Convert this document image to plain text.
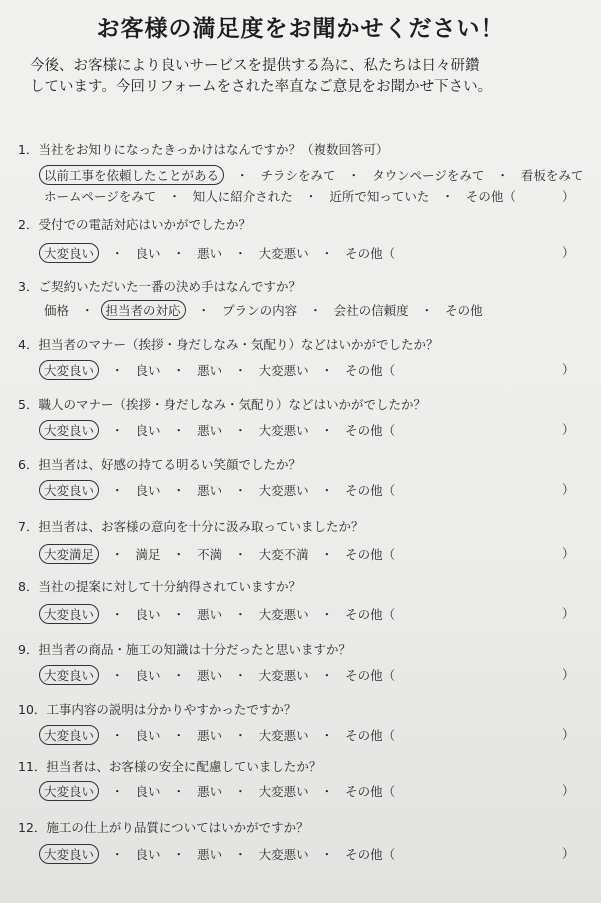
お客様の満足度をお聞かせください！
今後、お客様により良いサービスを提供する為に、私たちは日々研鑽
しています。今回リフォームをされた率直なご意見をお聞かせ下さい。
1．当社をお知りになったきっかけはなんですか？（複数回答可）
以前工事を依頼したことがある	・ チラシをみて ・ タウンページをみて ・ 看板をみて
ホームページをみて ・ 知人に紹介された ・ 近所で知っていた ・ その他（	）
2．受付での電話対応はいかがでしたか？
大変良い	・ 良い ・ 悪い ・ 大変悪い ・ その他（	）
3．ご契約いただいた一番の決め手はなんですか？
価格 ・ 担当者の対応	・ プランの内容 ・ 会社の信頼度 ・ その他
4．担当者のマナー（挨拶・身だしなみ・気配り）などはいかがでしたか？
大変良い	・ 良い ・ 悪い ・ 大変悪い ・ その他（	）
5．職人のマナー（挨拶・身だしなみ・気配り）などはいかがでしたか？
大変良い	・ 良い ・ 悪い ・ 大変悪い ・ その他（	）
6．担当者は、好感の持てる明るい笑顔でしたか？
大変良い	・ 良い ・ 悪い ・ 大変悪い ・ その他（	）
7．担当者は、お客様の意向を十分に汲み取っていましたか？
大変満足	・ 満足 ・ 不満 ・ 大変不満 ・ その他（	）
8．当社の提案に対して十分納得されていますか？
大変良い	・ 良い ・ 悪い ・ 大変悪い ・ その他（	）
9．担当者の商品・施工の知識は十分だったと思いますか？
大変良い	・ 良い ・ 悪い ・ 大変悪い ・ その他（	）
10．工事内容の説明は分かりやすかったですか？
大変良い	・ 良い ・ 悪い ・ 大変悪い ・ その他（	）
11．担当者は、お客様の安全に配慮していましたか？
大変良い	・ 良い ・ 悪い ・ 大変悪い ・ その他（	）
12．施工の仕上がり品質についてはいかがですか？
大変良い	・ 良い ・ 悪い ・ 大変悪い ・ その他（	）
